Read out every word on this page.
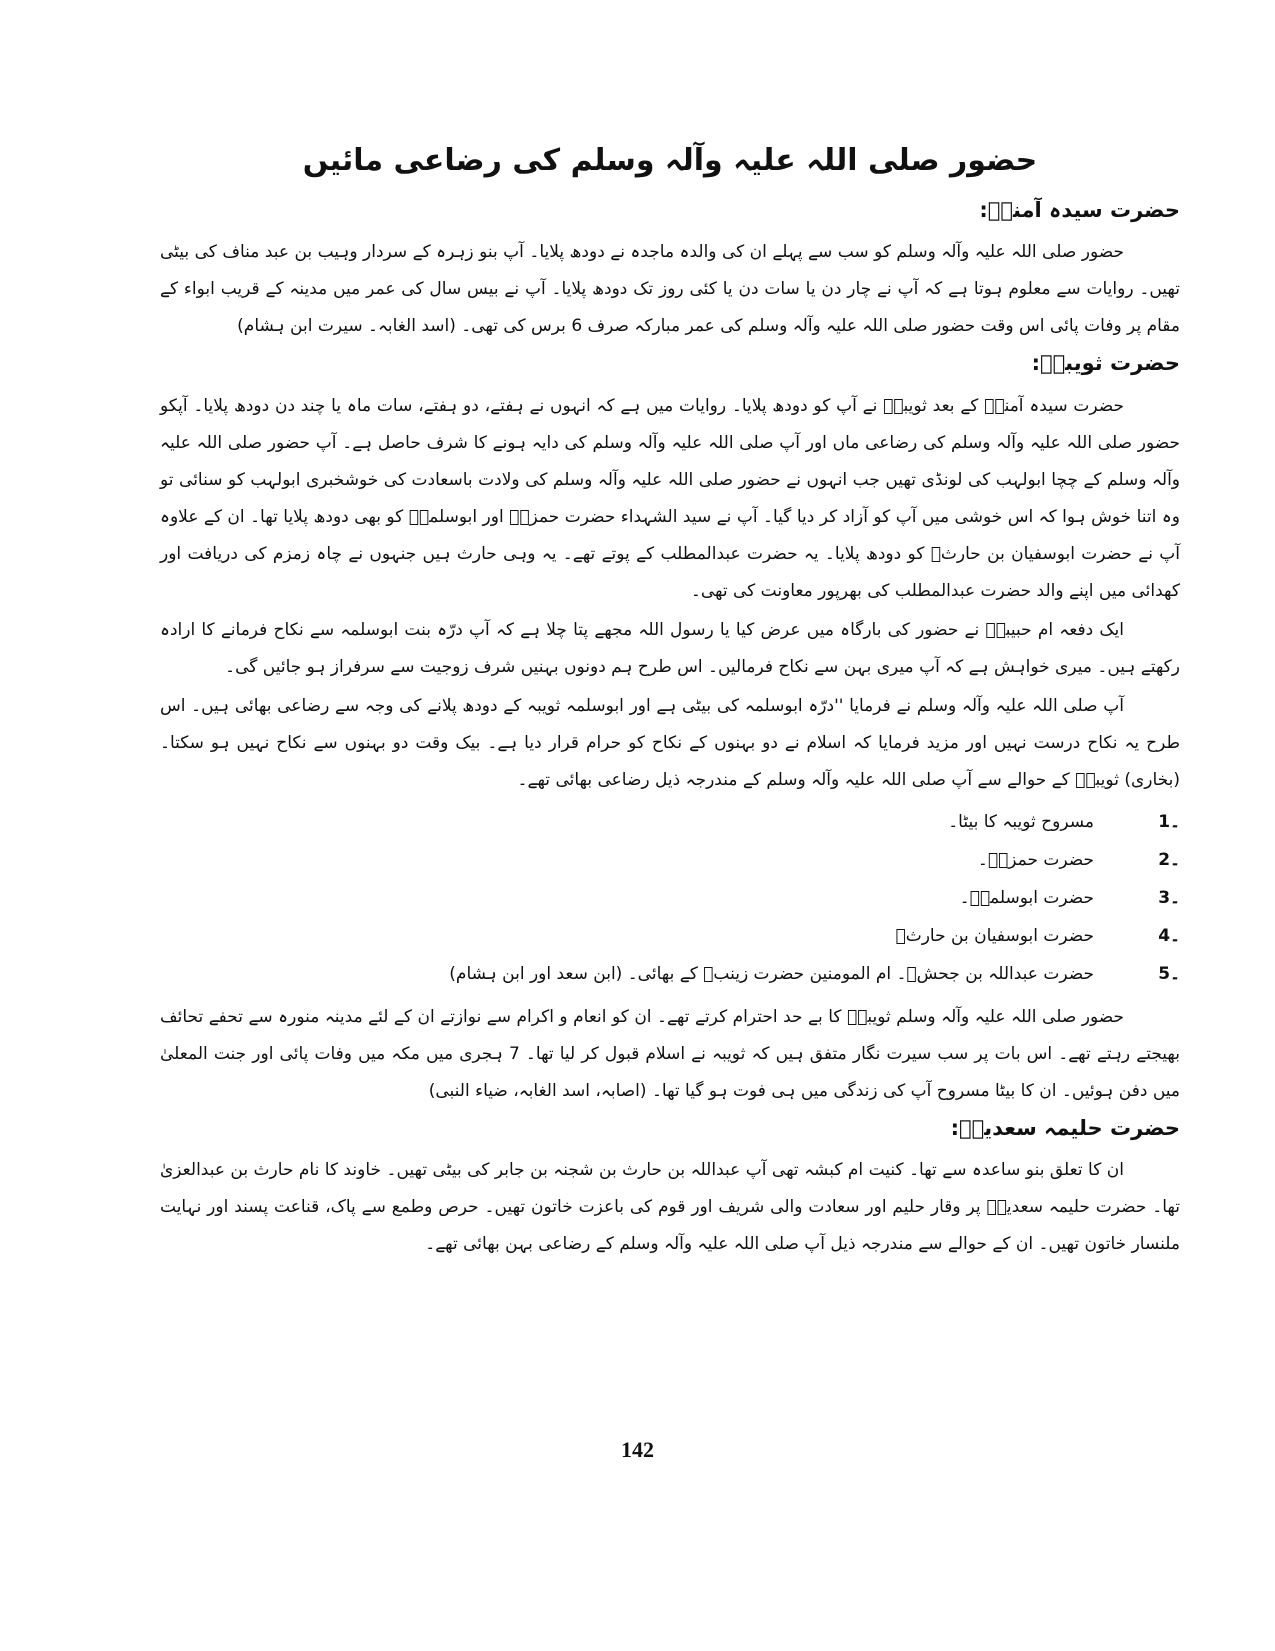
حضور صلی اللہ علیہ وآلہ وسلم کی رضاعی مائیں
حضرت سیدہ آمنہؓ:

حضور صلی اللہ علیہ وآلہ وسلم کو سب سے پہلے ان کی والدہ ماجدہ نے دودھ پلایا۔ آپ بنو زہرہ کے سردار وہیب بن عبد مناف کی بیٹی تھیں۔ روایات سے معلوم ہوتا ہے کہ آپ نے چار دن یا سات دن یا کئی روز تک دودھ پلایا۔ آپ نے بیس سال کی عمر میں مدینہ کے قریب ابواء کے مقام پر وفات پائی اس وقت حضور صلی اللہ علیہ وآلہ وسلم کی عمر مبارکہ صرف 6 برس کی تھی۔ (اسد الغابہ۔ سیرت ابن ہشام)

حضرت ثویبہؓ:

حضرت سیدہ آمنہؓ کے بعد ثویبہؓ نے آپ کو دودھ پلایا۔ روایات میں ہے کہ انہوں نے ہفتے، دو ہفتے، سات ماہ یا چند دن دودھ پلایا۔ آپکو حضور صلی اللہ علیہ وآلہ وسلم کی رضاعی ماں اور آپ صلی اللہ علیہ وآلہ وسلم کی دایہ ہونے کا شرف حاصل ہے۔ آپ حضور صلی اللہ علیہ وآلہ وسلم کے چچا ابولہب کی لونڈی تھیں جب انہوں نے حضور صلی اللہ علیہ وآلہ وسلم کی ولادت باسعادت کی خوشخبری ابولہب کو سنائی تو وہ اتنا خوش ہوا کہ اس خوشی میں آپ کو آزاد کر دیا گیا۔ آپ نے سید الشہداء حضرت حمزہؓ اور ابوسلمہؓ کو بھی دودھ پلایا تھا۔ ان کے علاوہ آپ نے حضرت ابوسفیان بن حارثؓ کو دودھ پلایا۔ یہ حضرت عبدالمطلب کے پوتے تھے۔ یہ وہی حارث ہیں جنہوں نے چاہ زمزم کی دریافت اور کھدائی میں اپنے والد حضرت عبدالمطلب کی بھرپور معاونت کی تھی۔

ایک دفعہ ام حبیبہؓ نے حضور کی بارگاہ میں عرض کیا یا رسول اللہ مجھے پتا چلا ہے کہ آپ درّہ بنت ابوسلمہ سے نکاح فرمانے کا ارادہ رکھتے ہیں۔ میری خواہش ہے کہ آپ میری بہن سے نکاح فرمالیں۔ اس طرح ہم دونوں بہنیں شرف زوجیت سے سرفراز ہو جائیں گی۔

آپ صلی اللہ علیہ وآلہ وسلم نے فرمایا ''درّہ ابوسلمہ کی بیٹی ہے اور ابوسلمہ ثویبہ کے دودھ پلانے کی وجہ سے رضاعی بھائی ہیں۔ اس طرح یہ نکاح درست نہیں اور مزید فرمایا کہ اسلام نے دو بہنوں کے نکاح کو حرام قرار دیا ہے۔ بیک وقت دو بہنوں سے نکاح نہیں ہو سکتا۔ (بخاری) ثویبہؓ کے حوالے سے آپ صلی اللہ علیہ وآلہ وسلم کے مندرجہ ذیل رضاعی بھائی تھے۔

1۔
مسروح ثویبہ کا بیٹا۔
2۔
حضرت حمزہؓ۔
3۔
حضرت ابوسلمہؓ۔
4۔
حضرت ابوسفیان بن حارثؓ
5۔
حضرت عبداللہ بن جحشؓ۔ ام المومنین حضرت زینبؓ کے بھائی۔ (ابن سعد اور ابن ہشام)

حضور صلی اللہ علیہ وآلہ وسلم ثویبہؓ کا بے حد احترام کرتے تھے۔ ان کو انعام و اکرام سے نوازتے ان کے لئے مدینہ منورہ سے تحفے تحائف بھیجتے رہتے تھے۔ اس بات پر سب سیرت نگار متفق ہیں کہ ثویبہ نے اسلام قبول کر لیا تھا۔ 7 ہجری میں مکہ میں وفات پائی اور جنت المعلیٰ میں دفن ہوئیں۔ ان کا بیٹا مسروح آپ کی زندگی میں ہی فوت ہو گیا تھا۔ (اصابہ، اسد الغابہ، ضیاء النبی)

حضرت حلیمہ سعدیہؓ:

ان کا تعلق بنو ساعدہ سے تھا۔ کنیت ام کبشہ تھی آپ عبداللہ بن حارث بن شجنہ بن جابر کی بیٹی تھیں۔ خاوند کا نام حارث بن عبدالعزیٰ تھا۔ حضرت حلیمہ سعدیہؓ پر وقار حلیم اور سعادت والی شریف اور قوم کی باعزت خاتون تھیں۔ حرص وطمع سے پاک، قناعت پسند اور نہایت ملنسار خاتون تھیں۔ ان کے حوالے سے مندرجہ ذیل آپ صلی اللہ علیہ وآلہ وسلم کے رضاعی بہن بھائی تھے۔

142
